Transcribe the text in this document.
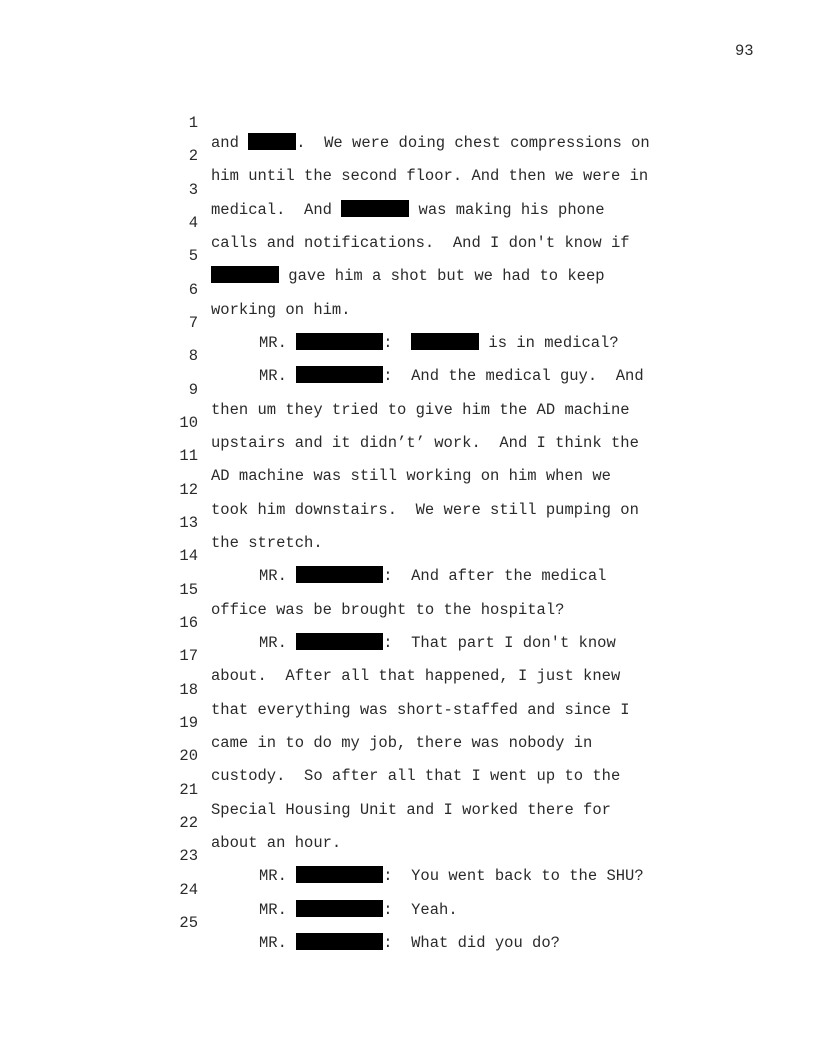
93

1

and	.  We were doing chest compressions on

2

him until the second floor. And then we were in

3

medical.  And	was making his phone

4

calls and notifications.  And I don't know if

5

gave him a shot but we had to keep

6

working on him.

7

MR.	:	is in medical?

8

MR.	:  And the medical guy.  And

9

then um they tried to give him the AD machine

10

upstairs and it didn’t’ work.  And I think the

11

AD machine was still working on him when we

12

took him downstairs.  We were still pumping on

13

the stretch.

14

MR.	:  And after the medical

15

office was be brought to the hospital?

16

MR.	:  That part I don't know

17

about.  After all that happened, I just knew

18

that everything was short-staffed and since I

19

came in to do my job, there was nobody in

20

custody.  So after all that I went up to the

21

Special Housing Unit and I worked there for

22

about an hour.

23

MR.	:  You went back to the SHU?

24

MR.	:  Yeah.

25

MR.	:  What did you do?
